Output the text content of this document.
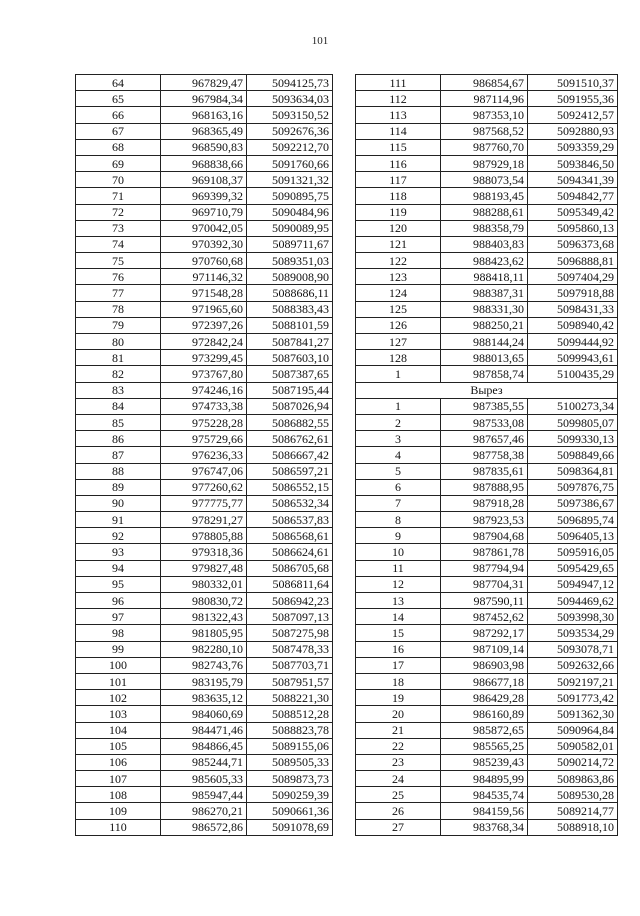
101
64	967829,47	5094125,73
65	967984,34	5093634,03
66	968163,16	5093150,52
67	968365,49	5092676,36
68	968590,83	5092212,70
69	968838,66	5091760,66
70	969108,37	5091321,32
71	969399,32	5090895,75
72	969710,79	5090484,96
73	970042,05	5090089,95
74	970392,30	5089711,67
75	970760,68	5089351,03
76	971146,32	5089008,90
77	971548,28	5088686,11
78	971965,60	5088383,43
79	972397,26	5088101,59
80	972842,24	5087841,27
81	973299,45	5087603,10
82	973767,80	5087387,65
83	974246,16	5087195,44
84	974733,38	5087026,94
85	975228,28	5086882,55
86	975729,66	5086762,61
87	976236,33	5086667,42
88	976747,06	5086597,21
89	977260,62	5086552,15
90	977775,77	5086532,34
91	978291,27	5086537,83
92	978805,88	5086568,61
93	979318,36	5086624,61
94	979827,48	5086705,68
95	980332,01	5086811,64
96	980830,72	5086942,23
97	981322,43	5087097,13
98	981805,95	5087275,98
99	982280,10	5087478,33
100	982743,76	5087703,71
101	983195,79	5087951,57
102	983635,12	5088221,30
103	984060,69	5088512,28
104	984471,46	5088823,78
105	984866,45	5089155,06
106	985244,71	5089505,33
107	985605,33	5089873,73
108	985947,44	5090259,39
109	986270,21	5090661,36
110	986572,86	5091078,69
111	986854,67	5091510,37
112	987114,96	5091955,36
113	987353,10	5092412,57
114	987568,52	5092880,93
115	987760,70	5093359,29
116	987929,18	5093846,50
117	988073,54	5094341,39
118	988193,45	5094842,77
119	988288,61	5095349,42
120	988358,79	5095860,13
121	988403,83	5096373,68
122	988423,62	5096888,81
123	988418,11	5097404,29
124	988387,31	5097918,88
125	988331,30	5098431,33
126	988250,21	5098940,42
127	988144,24	5099444,92
128	988013,65	5099943,61
1	987858,74	5100435,29
Вырез		
1	987385,55	5100273,34
2	987533,08	5099805,07
3	987657,46	5099330,13
4	987758,38	5098849,66
5	987835,61	5098364,81
6	987888,95	5097876,75
7	987918,28	5097386,67
8	987923,53	5096895,74
9	987904,68	5096405,13
10	987861,78	5095916,05
11	987794,94	5095429,65
12	987704,31	5094947,12
13	987590,11	5094469,62
14	987452,62	5093998,30
15	987292,17	5093534,29
16	987109,14	5093078,71
17	986903,98	5092632,66
18	986677,18	5092197,21
19	986429,28	5091773,42
20	986160,89	5091362,30
21	985872,65	5090964,84
22	985565,25	5090582,01
23	985239,43	5090214,72
24	984895,99	5089863,86
25	984535,74	5089530,28
26	984159,56	5089214,77
27	983768,34	5088918,10
